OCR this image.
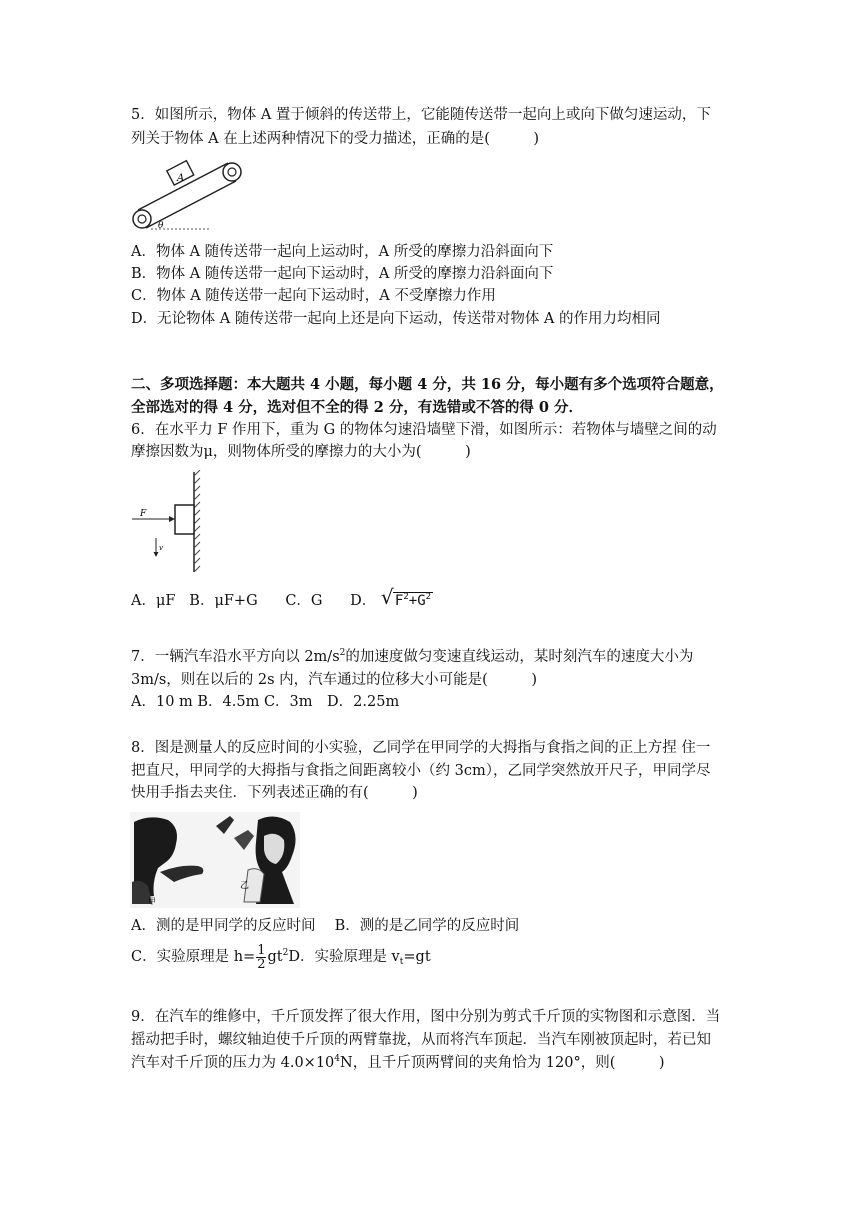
5．如图所示，物体 A 置于倾斜的传送带上，它能随传送带一起向上或向下做匀速运动，下
列关于物体 A 在上述两种情况下的受力描述，正确的是(　　　)
A
θ
A．物体 A 随传送带一起向上运动时，A 所受的摩擦力沿斜面向下
B．物体 A 随传送带一起向下运动时，A 所受的摩擦力沿斜面向下
C．物体 A 随传送带一起向下运动时，A 不受摩擦力作用
D．无论物体 A 随传送带一起向上还是向下运动，传送带对物体 A 的作用力均相同
二、多项选择题：本大题共 4 小题，每小题 4 分，共 16 分，每小题有多个选项符合题意，
全部选对的得 4 分，选对但不全的得 2 分，有选错或不答的得 0 分．
6．在水平力 F 作用下，重为 G 的物体匀速沿墙壁下滑，如图所示：若物体与墙壁之间的动
摩擦因数为μ，则物体所受的摩擦力的大小为(　　　)
F
v
A．μF B．μF+G C．G D． √ $F^2+G^2$
7．一辆汽车沿水平方向以 $2m/s^2$的加速度做匀变速直线运动，某时刻汽车的速度大小为
3m/s，则在以后的 2s 内，汽车通过的位移大小可能是(　　　)
A．10 m B．4.5m C．3m　D．2.25m
8．图是测量人的反应时间的小实验，乙同学在甲同学的大拇指与食指之间的正上方捏 住一
把直尺，甲同学的大拇指与食指之间距离较小（约 3cm），乙同学突然放开尺子，甲同学尽
快用手指去夹住．下列表述正确的有(　　　)
甲
乙
A．测的是甲同学的反应时间　 B．测的是乙同学的反应时间
C．实验原理是 $h= \frac{1}{2} gt^2D$．实验原理是 $v_t=gt$
9．在汽车的维修中，千斤顶发挥了很大作用，图中分别为剪式千斤顶的实物图和示意图．当
摇动把手时，螺纹轴迫使千斤顶的两臂靠拢，从而将汽车顶起．当汽车刚被顶起时，若已知
汽车对千斤顶的压力为 $4.0\times 10^4N$，且千斤顶两臂间的夹角恰为 120°，则(　　　)
